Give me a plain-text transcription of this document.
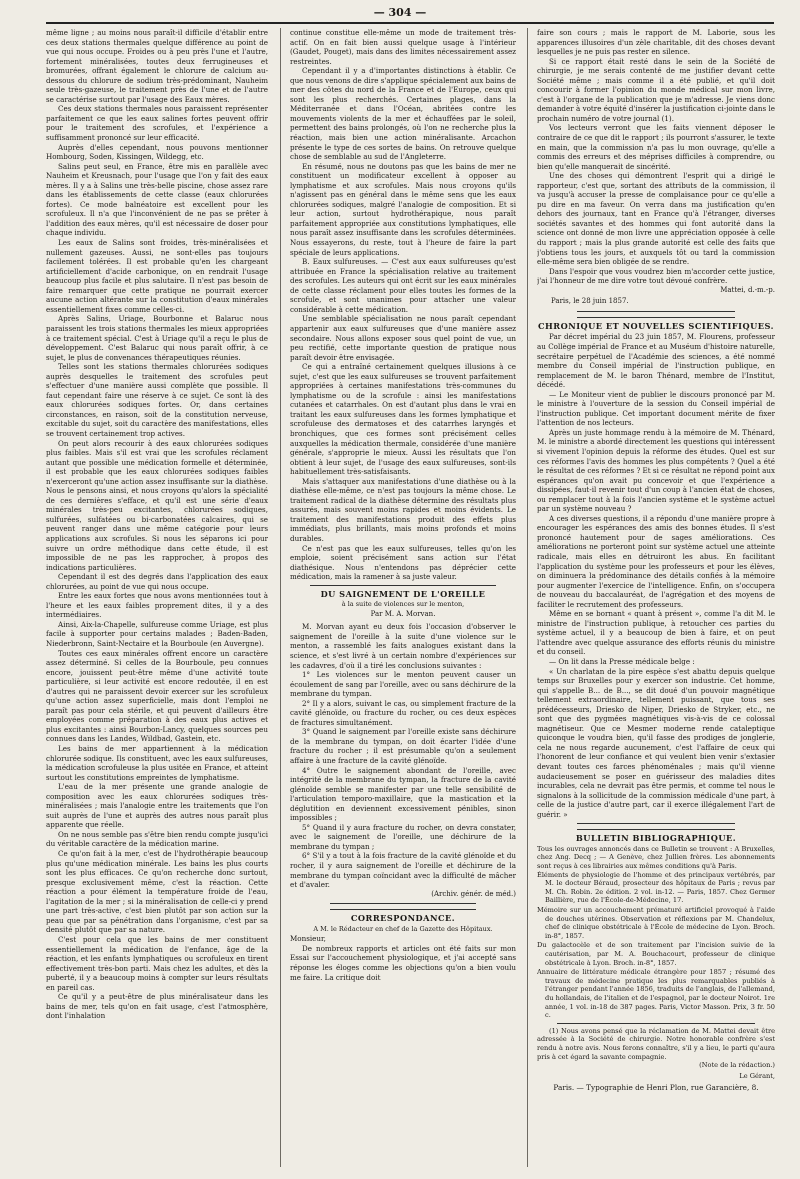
— 304 —

même ligne ; au moins nous paraît-il difficile d'établir entre ces deux stations thermales quelque différence au point de vue qui nous occupe. Froides ou à peu près l'une et l'autre, fortement minéralisées, toutes deux ferrugineuses et bromurées, offrant également le chlorure de calcium au-dessous du chlorure de sodium très-prédominant, Nauheim seule très-gazeuse, le traitement près de l'une et de l'autre se caractérise surtout par l'usage des Eaux mères.

Ces deux stations thermales nous paraissent représenter parfaitement ce que les eaux salines fortes peuvent offrir pour le traitement des scrofules, et l'expérience a suffisamment prononcé sur leur efficacité.

Auprès d'elles cependant, nous pouvons mentionner Hombourg, Soden, Kissingen, Wildegg, etc.

Salins peut seul, en France, être mis en parallèle avec Nauheim et Kreusnach, pour l'usage que l'on y fait des eaux mères. Il y a à Salins une très-belle piscine, chose assez rare dans les établissements de cette classe (eaux chlorurées fortes). Ce mode balnéatoire est excellent pour les scrofuleux. Il n'a que l'inconvénient de ne pas se prêter à l'addition des eaux mères, qu'il est nécessaire de doser pour chaque individu.

Les eaux de Salins sont froides, très-minéralisées et nullement gazeuses. Aussi, ne sont-elles pas toujours facilement tolérées. Il est probable qu'en les chargeant artificiellement d'acide carbonique, on en rendrait l'usage beaucoup plus facile et plus salutaire. Il n'est pas besoin de faire remarquer que cette pratique ne pourrait exercer aucune action altérante sur la constitution d'eaux minérales essentiellement fixes comme celles-ci.

Après Salins, Uriage, Bourbonne et Balaruc nous paraissent les trois stations thermales les mieux appropriées à ce traitement spécial. C'est à Uriage qu'il a reçu le plus de développement. C'est Balaruc qui nous paraît offrir, à ce sujet, le plus de convenances thérapeutiques réunies.

Telles sont les stations thermales chlorurées sodiques auprès desquelles le traitement des scrofules peut s'effectuer d'une manière aussi complète que possible. Il faut cependant faire une réserve à ce sujet. Ce sont là des eaux chlorurées sodiques fortes. Or, dans certaines circonstances, en raison, soit de la constitution nerveuse, excitable du sujet, soit du caractère des manifestations, elles se trouvent certainement trop actives.

On peut alors recourir à des eaux chlorurées sodiques plus faibles. Mais s'il est vrai que les scrofules réclament autant que possible une médication formelle et déterminée, il est probable que les eaux chlorurées sodiques faibles n'exerceront qu'une action assez insuffisante sur la diathèse. Nous le pensons ainsi, et nous croyons qu'alors la spécialité de ces dernières s'efface, et qu'il est une série d'eaux minérales très-peu excitantes, chlorurées sodiques, sulfurées, sulfatées ou bi-carbonatées calcaires, qui se peuvent ranger dans une même catégorie pour leurs applications aux scrofules. Si nous les séparons ici pour suivre un ordre méthodique dans cette étude, il est impossible de ne pas les rapprocher, à propos des indications particulières.

Cependant il est des degrés dans l'application des eaux chlorurées, au point de vue qui nous occupe.

Entre les eaux fortes que nous avons mentionnées tout à l'heure et les eaux faibles proprement dites, il y a des intermédiaires.

Ainsi, Aix-la-Chapelle, sulfureuse comme Uriage, est plus facile à supporter pour certains malades ; Baden-Baden, Niederbronn, Saint-Nectaire et la Bourboule (en Auvergne).

Toutes ces eaux minérales offrent encore un caractère assez déterminé. Si celles de la Bourboule, peu connues encore, jouissent peut-être même d'une activité toute particulière, si leur activité est encore redoutée, il en est d'autres qui ne paraissent devoir exercer sur les scrofuleux qu'une action assez superficielle, mais dont l'emploi ne paraît pas pour cela stérile, et qui peuvent d'ailleurs être employées comme préparation à des eaux plus actives et plus excitantes : ainsi Bourbon-Lancy, quelques sources peu connues dans les Landes, Wildbad, Gastein, etc.

Les bains de mer appartiennent à la médication chlorurée sodique. Ils constituent, avec les eaux sulfureuses, la médication scrofuleuse la plus usitée en France, et atteint surtout les constitutions empreintes de lymphatisme.

L'eau de la mer présente une grande analogie de composition avec les eaux chlorurées sodiques très-minéralisées ; mais l'analogie entre les traitements que l'on suit auprès de l'une et auprès des autres nous paraît plus apparente que réelle.

On ne nous semble pas s'être bien rendu compte jusqu'ici du véritable caractère de la médication marine.

Ce qu'on fait à la mer, c'est de l'hydrothérapie beaucoup plus qu'une médication minérale. Les bains les plus courts sont les plus efficaces. Ce qu'on recherche donc surtout, presque exclusivement même, c'est la réaction. Cette réaction a pour élément la température froide de l'eau, l'agitation de la mer ; si la minéralisation de celle-ci y prend une part très-active, c'est bien plutôt par son action sur la peau que par sa pénétration dans l'organisme, c'est par sa densité plutôt que par sa nature.

C'est pour cela que les bains de mer constituent essentiellement la médication de l'enfance, âge de la réaction, et les enfants lymphatiques ou scrofuleux en tirent effectivement très-bon parti. Mais chez les adultes, et dès la puberté, il y a beaucoup moins à compter sur leurs résultats en pareil cas.

Ce qu'il y a peut-être de plus minéralisateur dans les bains de mer, tels qu'on en fait usage, c'est l'atmosphère, dont l'inhalation

continue constitue elle-même un mode de traitement très-actif. On en fait bien aussi quelque usage à l'intérieur (Gaudet, Pouget), mais dans des limites nécessairement assez restreintes.

Cependant il y a d'importantes distinctions à établir. Ce que nous venons de dire s'applique spécialement aux bains de mer des côtes du nord de la France et de l'Europe, ceux qui sont les plus recherchés. Certaines plages, dans la Méditerranée et dans l'Océan, abritées contre les mouvements violents de la mer et échauffées par le soleil, permettent des bains prolongés, où l'on ne recherche plus la réaction, mais bien une action minéralisante. Arcachon présente le type de ces sortes de bains. On retrouve quelque chose de semblable au sud de l'Angleterre.

En résumé, nous ne doutons pas que les bains de mer ne constituent un modificateur excellent à opposer au lymphatisme et aux scrofules. Mais nous croyons qu'ils n'agissent pas en général dans le même sens que les eaux chlorurées sodiques, malgré l'analogie de composition. Et si leur action, surtout hydrothérapique, nous paraît parfaitement appropriée aux constitutions lymphatiques, elle nous paraît assez insuffisante dans les scrofules déterminées. Nous essayerons, du reste, tout à l'heure de faire la part spéciale de leurs applications.

B. Eaux sulfureuses. — C'est aux eaux sulfureuses qu'est attribuée en France la spécialisation relative au traitement des scrofules. Les auteurs qui ont écrit sur les eaux minérales de cette classe réclament pour elles toutes les formes de la scrofule, et sont unanimes pour attacher une valeur considérable à cette médication.

Une semblable spécialisation ne nous paraît cependant appartenir aux eaux sulfureuses que d'une manière assez secondaire. Nous allons exposer sous quel point de vue, un peu rectifié, cette importante question de pratique nous paraît devoir être envisagée.

Ce qui a entraîné certainement quelques illusions à ce sujet, c'est que les eaux sulfureuses se trouvent parfaitement appropriées à certaines manifestations très-communes du lymphatisme ou de la scrofule : ainsi les manifestations cutanées et catarrhales. On est d'autant plus dans le vrai en traitant les eaux sulfureuses dans les formes lymphatique et scrofuleuse des dermatoses et des catarrhes laryngés et bronchiques, que ces formes sont précisément celles auxquelles la médication thermale, considérée d'une manière générale, s'approprie le mieux. Aussi les résultats que l'on obtient à leur sujet, de l'usage des eaux sulfureuses, sont-ils habituellement très-satisfaisants.

Mais s'attaquer aux manifestations d'une diathèse ou à la diathèse elle-même, ce n'est pas toujours la même chose. Le traitement radical de la diathèse détermine des résultats plus assurés, mais souvent moins rapides et moins évidents. Le traitement des manifestations produit des effets plus immédiats, plus brillants, mais moins profonds et moins durables.

Ce n'est pas que les eaux sulfureuses, telles qu'on les emploie, soient précisément sans action sur l'état diathésique. Nous n'entendons pas déprécier cette médication, mais la ramener à sa juste valeur.

DU SAIGNEMENT DE L'OREILLE
à la suite de violences sur le menton,
Par M. A. Morvan.

M. Morvan ayant eu deux fois l'occasion d'observer le saignement de l'oreille à la suite d'une violence sur le menton, a rassemblé les faits analogues existant dans la science, et s'est livré à un certain nombre d'expériences sur les cadavres, d'où il a tiré les conclusions suivantes :

1° Les violences sur le menton peuvent causer un écoulement de sang par l'oreille, avec ou sans déchirure de la membrane du tympan.

2° Il y a alors, suivant le cas, ou simplement fracture de la cavité glénoïde, ou fracture du rocher, ou ces deux espèces de fractures simultanément.

3° Quand le saignement par l'oreille existe sans déchirure de la membrane du tympan, on doit écarter l'idée d'une fracture du rocher ; il est présumable qu'on a seulement affaire à une fracture de la cavité glénoïde.

4° Outre le saignement abondant de l'oreille, avec intégrité de la membrane du tympan, la fracture de la cavité glénoïde semble se manifester par une telle sensibilité de l'articulation temporo-maxillaire, que la mastication et la déglutition en deviennent excessivement pénibles, sinon impossibles ;

5° Quand il y aura fracture du rocher, on devra constater, avec le saignement de l'oreille, une déchirure de la membrane du tympan ;

6° S'il y a tout à la fois fracture de la cavité glénoïde et du rocher, il y aura saignement de l'oreille et déchirure de la membrane du tympan coïncidant avec la difficulté de mâcher et d'avaler.

(Archiv. génér. de méd.)
CORRESPONDANCE.
A M. le Rédacteur en chef de la Gazette des Hôpitaux.

Monsieur,

De nombreux rapports et articles ont été faits sur mon Essai sur l'accouchement physiologique, et j'ai accepté sans réponse les éloges comme les objections qu'on a bien voulu me faire. La critique doit

faire son cours ; mais le rapport de M. Laborie, sous les apparences illusoires d'un zèle charitable, dit des choses devant lesquelles je ne puis pas rester en silence.

Si ce rapport était resté dans le sein de la Société de chirurgie, je me serais contenté de me justifier devant cette Société même ; mais comme il a été publié, et qu'il doit concourir à former l'opinion du monde médical sur mon livre, c'est à l'organe de la publication que je m'adresse. Je viens donc demander à votre équité d'insérer la justification ci-jointe dans le prochain numéro de votre journal (1).

Vos lecteurs verront que les faits viennent déposer le contraire de ce que dit le rapport ; ils pourront s'assurer, le texte en main, que la commission n'a pas lu mon ouvrage, qu'elle a commis des erreurs et des méprises difficiles à comprendre, ou bien qu'elle manquerait de sincérité.

Une des choses qui démontrent l'esprit qui a dirigé le rapporteur, c'est que, sortant des attributs de la commission, il va jusqu'à accuser la presse de complaisance pour ce qu'elle a pu dire en ma faveur. On verra dans ma justification qu'en dehors des journaux, tant en France qu'à l'étranger, diverses sociétés savantes et des hommes qui font autorité dans la science ont donné de mon livre une appréciation opposée à celle du rapport ; mais la plus grande autorité est celle des faits que j'obtiens tous les jours, et auxquels tôt ou tard la commission elle-même sera bien obligée de se rendre.

Dans l'espoir que vous voudrez bien m'accorder cette justice, j'ai l'honneur de me dire votre tout dévoué confrère.

Mattei, d.-m.-p.
Paris, le 28 juin 1857.
CHRONIQUE ET NOUVELLES SCIENTIFIQUES.

Par décret impérial du 23 juin 1857, M. Flourens, professeur au Collège impérial de France et au Muséum d'histoire naturelle, secrétaire perpétuel de l'Académie des sciences, a été nommé membre du Conseil impérial de l'instruction publique, en remplacement de M. le baron Thénard, membre de l'Institut, décédé.

— Le Moniteur vient de publier le discours prononcé par M. le ministre à l'ouverture de la session du Conseil impérial de l'instruction publique. Cet important document mérite de fixer l'attention de nos lecteurs.

Après un juste hommage rendu à la mémoire de M. Thénard, M. le ministre a abordé directement les questions qui intéressent si vivement l'opinion depuis la réforme des études. Quel est sur ces réformes l'avis des hommes les plus compétents ? Quel a été le résultat de ces réformes ? Et si ce résultat ne répond point aux espérances qu'on avait pu concevoir et que l'expérience a dissipées, faut-il revenir tout d'un coup à l'ancien état de choses, ou remplacer tout à la fois l'ancien système et le système actuel par un système nouveau ?

A ces diverses questions, il a répondu d'une manière propre à encourager les espérances des amis des bonnes études. Il s'est prononcé hautement pour de sages améliorations. Ces améliorations ne porteront point sur système actuel une atteinte radicale, mais elles en détruiront les abus. En facilitant l'application du système pour les professeurs et pour les élèves, on diminuera la prédominance des détails confiés à la mémoire pour augmenter l'exercice de l'intelligence. Enfin, on s'occupera de nouveau du baccalauréat, de l'agrégation et des moyens de faciliter le recrutement des professeurs.

Même en se bornant « quant à présent », comme l'a dit M. le ministre de l'instruction publique, à retoucher ces parties du système actuel, il y a beaucoup de bien à faire, et on peut l'attendre avec quelque assurance des efforts réunis du ministre et du conseil.

— On lit dans la Presse médicale belge :

« Un charlatan de la pire espèce s'est abattu depuis quelque temps sur Bruxelles pour y exercer son industrie. Cet homme, qui s'appelle B... de B..., se dit doué d'un pouvoir magnétique tellement extraordinaire, tellement puissant, que tous ses prédécesseurs, Driesko de Niper, Driesko de Stryker, etc., ne sont que des pygmées magnétiques vis-à-vis de ce colossal magnétiseur. Que ce Mesmer moderne rende cataleptique quiconque le voudra bien, qu'il fasse des prodiges de jonglerie, cela ne nous regarde aucunement, c'est l'affaire de ceux qui l'honorent de leur confiance et qui veulent bien venir s'extasier devant toutes ces farces phénoménales ; mais qu'il vienne audacieusement se poser en guérisseur des maladies dites incurables, cela ne devrait pas être permis, et comme tel nous le signalons à la sollicitude de la commission médicale d'une part, à celle de la justice d'autre part, car il exerce illégalement l'art de guérir. »

BULLETIN BIBLIOGRAPHIQUE.

Tous les ouvrages annoncés dans ce Bulletin se trouvent : A Bruxelles, chez Ang. Decq ; — A Genève, chez Jullien frères. Les abonnements sont reçus à ces librairies aux mêmes conditions qu'à Paris.

Éléments de physiologie de l'homme et des principaux vertébrés, par M. le docteur Béraud, prosecteur des hôpitaux de Paris ; revus par M. Ch. Robin. 2e édition. 2 vol. in-12. — Paris, 1857. Chez Germer Baillière, rue de l'École-de-Médecine, 17.

Mémoire sur un accouchement prématuré artificiel provoqué à l'aide de douches utérines. Observation et réflexions par M. Chandelux, chef de clinique obstétricale à l'École de médecine de Lyon. Broch. in-8°, 1857.

Du galactocèle et de son traitement par l'incision suivie de la cautérisation, par M. A. Bouchacourt, professeur de clinique obstétricale à Lyon. Broch. in-8°, 1857.

Annuaire de littérature médicale étrangère pour 1857 ; résumé des travaux de médecine pratique les plus remarquables publiés à l'étranger pendant l'année 1856, traduits de l'anglais, de l'allemand, du hollandais, de l'italien et de l'espagnol, par le docteur Noirot. 1re année, 1 vol. in-18 de 387 pages. Paris, Victor Masson. Prix, 3 fr. 50 c.

(1) Nous avons pensé que la réclamation de M. Mattei devait être adressée à la Société de chirurgie. Notre honorable confrère s'est rendu à notre avis. Nous ferons connaître, s'il y a lieu, le parti qu'aura pris à cet égard la savante compagnie.

(Note de la rédaction.)
Le Gérant,
Paris. — Typographie de Henri Plon, rue Garancière, 8.
